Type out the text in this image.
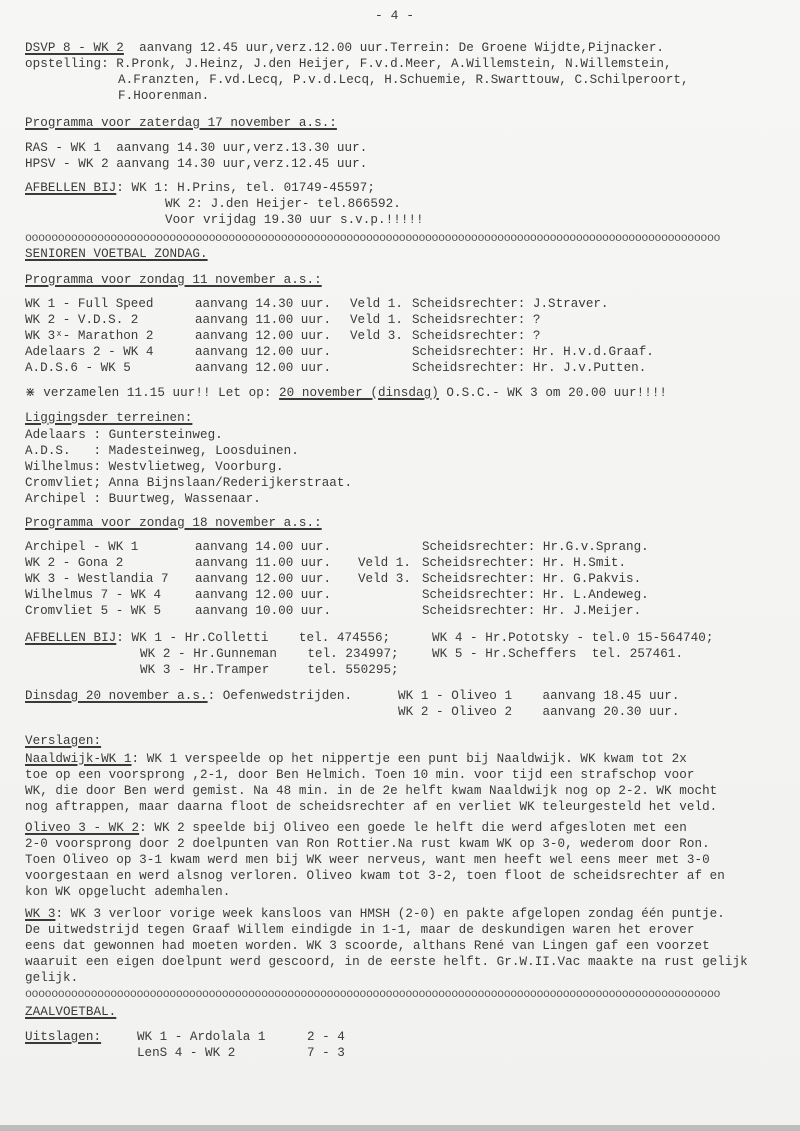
- 4 -
DSVP 8 - WK 2  aanvang 12.45 uur,verz.12.00 uur.Terrein: De Groene Wijdte,Pijnacker.
opstelling: R.Pronk, J.Heinz, J.den Heijer, F.v.d.Meer, A.Willemstein, N.Willemstein,
A.Franzten, F.vd.Lecq, P.v.d.Lecq, H.Schuemie, R.Swarttouw, C.Schilperoort,
F.Hoorenman.
Programma voor zaterdag 17 november a.s.:
RAS - WK 1  aanvang 14.30 uur,verz.13.30 uur.
HPSV - WK 2 aanvang 14.30 uur,verz.12.45 uur.
AFBELLEN BIJ: WK 1: H.Prins, tel. 01749-45597;
WK 2: J.den Heijer- tel.866592.
Voor vrijdag 19.30 uur s.v.p.!!!!!
oooooooooooooooooooooooooooooooooooooooooooooooooooooooooooooooooooooooooooooooooooooooooooooooooooooooooo
SENIOREN VOETBAL ZONDAG.
Programma voor zondag 11 november a.s.:
WK 1 - Full Speed	aanvang 14.30 uur. Veld 1. Scheidsrechter: J.Straver.
WK 2 - V.D.S. 2	aanvang 11.00 uur. Veld 1. Scheidsrechter: ?
WK 3ˣ- Marathon 2	aanvang 12.00 uur. Veld 3. Scheidsrechter: ?
Adelaars 2 - WK 4	aanvang 12.00 uur.	Scheidsrechter: Hr. H.v.d.Graaf.
A.D.S.6 - WK 5	aanvang 12.00 uur.	Scheidsrechter: Hr. J.v.Putten.
⋇ verzamelen 11.15 uur!! Let op: 20 november (dinsdag) O.S.C.- WK 3 om 20.00 uur!!!!
Liggingsder terreinen:
Adelaars : Guntersteinweg.
A.D.S.   : Madesteinweg, Loosduinen.
Wilhelmus: Westvlietweg, Voorburg.
Cromvliet; Anna Bijnslaan/Rederijkerstraat.
Archipel : Buurtweg, Wassenaar.
Programma voor zondag 18 november a.s.:
Archipel - WK 1	aanvang 14.00 uur.	Scheidsrechter: Hr.G.v.Sprang.
WK 2 - Gona 2	aanvang 11.00 uur. Veld 1. Scheidsrechter: Hr. H.Smit.
WK 3 - Westlandia 7 aanvang 12.00 uur. Veld 3. Scheidsrechter: Hr. G.Pakvis.
Wilhelmus 7 - WK 4	aanvang 12.00 uur.	Scheidsrechter: Hr. L.Andeweg.
Cromvliet 5 - WK 5	aanvang 10.00 uur.	Scheidsrechter: Hr. J.Meijer.
AFBELLEN BIJ: WK 1 - Hr.Colletti    tel. 474556;
WK 2 - Hr.Gunneman    tel. 234997;
WK 3 - Hr.Tramper     tel. 550295;
WK 4 - Hr.Pototsky - tel.0 15-564740;
WK 5 - Hr.Scheffers  tel. 257461.
Dinsdag 20 november a.s.: Oefenwedstrijden.	WK 1 - Oliveo 1    aanvang 18.45 uur.
WK 2 - Oliveo 2    aanvang 20.30 uur.
Verslagen:
Naaldwijk-WK 1: WK 1 verspeelde op het nippertje een punt bij Naaldwijk. WK kwam tot 2x
toe op een voorsprong ,2-1, door Ben Helmich. Toen 10 min. voor tijd een strafschop voor
WK, die door Ben werd gemist. Na 48 min. in de 2e helft kwam Naaldwijk nog op 2-2. WK mocht
nog aftrappen, maar daarna floot de scheidsrechter af en verliet WK teleurgesteld het veld.
Oliveo 3 - WK 2: WK 2 speelde bij Oliveo een goede le helft die werd afgesloten met een
2-0 voorsprong door 2 doelpunten van Ron Rottier.Na rust kwam WK op 3-0, wederom door Ron.
Toen Oliveo op 3-1 kwam werd men bij WK weer nerveus, want men heeft wel eens meer met 3-0
voorgestaan en werd alsnog verloren. Oliveo kwam tot 3-2, toen floot de scheidsrechter af en
kon WK opgelucht ademhalen.
WK 3: WK 3 verloor vorige week kansloos van HMSH (2-0) en pakte afgelopen zondag één puntje.
De uitwedstrijd tegen Graaf Willem eindigde in 1-1, maar de deskundigen waren het erover
eens dat gewonnen had moeten worden. WK 3 scoorde, althans René van Lingen gaf een voorzet
waaruit een eigen doelpunt werd gescoord, in de eerste helft. Gr.W.II.Vac maakte na rust gelijk
gelijk.
oooooooooooooooooooooooooooooooooooooooooooooooooooooooooooooooooooooooooooooooooooooooooooooooooooooooooo
ZAALVOETBAL.
Uitslagen:	WK 1 - Ardolala 1	2 - 4
LenS 4 - WK 2	7 - 3
